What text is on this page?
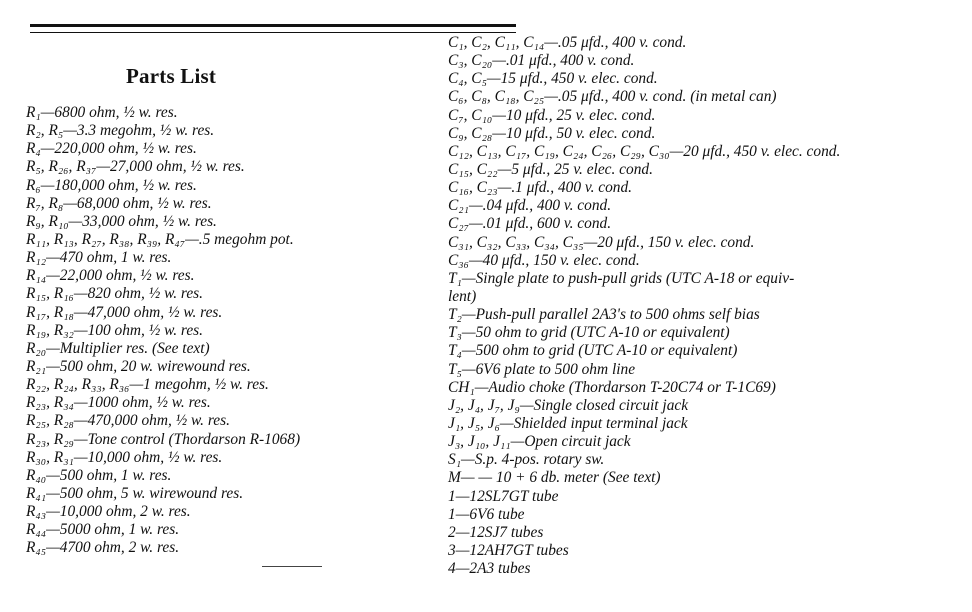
Parts List
R₁—6800 ohm, ½ w. res.
R₂, R₅—3.3 megohm, ½ w. res.
R₄—220,000 ohm, ½ w. res.
R₅, R₂₆, R₃₇—27,000 ohm, ½ w. res.
R₆—180,000 ohm, ½ w. res.
R₇, R₈—68,000 ohm, ½ w. res.
R₉, R₁₀—33,000 ohm, ½ w. res.
R₁₁, R₁₃, R₂₇, R₃₈, R₃₉, R₄₇—.5 megohm pot.
R₁₂—470 ohm, 1 w. res.
R₁₄—22,000 ohm, ½ w. res.
R₁₅, R₁₆—820 ohm, ½ w. res.
R₁₇, R₁₈—47,000 ohm, ½ w. res.
R₁₉, R₃₂—100 ohm, ½ w. res.
R₂₀—Multiplier res. (See text)
R₂₁—500 ohm, 20 w. wirewound res.
R₂₂, R₂₄, R₃₃, R₃₆—1 megohm, ½ w. res.
R₂₃, R₃₄—1000 ohm, ½ w. res.
R₂₅, R₂₈—470,000 ohm, ½ w. res.
R₂₃, R₂₉—Tone control (Thordarson R-1068)
R₃₀, R₃₁—10,000 ohm, ½ w. res.
R₄₀—500 ohm, 1 w. res.
R₄₁—500 ohm, 5 w. wirewound res.
R₄₃—10,000 ohm, 2 w. res.
R₄₄—5000 ohm, 1 w. res.
R₄₅—4700 ohm, 2 w. res.
C₁, C₂, C₁₁, C₁₄—.05 μfd., 400 v. cond.
C₃, C₂₀—.01 μfd., 400 v. cond.
C₄, C₅—15 μfd., 450 v. elec. cond.
C₆, C₈, C₁₈, C₂₅—.05 μfd., 400 v. cond. (in metal can)
C₇, C₁₀—10 μfd., 25 v. elec. cond.
C₉, C₂₈—10 μfd., 50 v. elec. cond.
C₁₂, C₁₃, C₁₇, C₁₉, C₂₄, C₂₆, C₂₉, C₃₀—20 μfd., 450 v. elec. cond.
C₁₅, C₂₂—5 μfd., 25 v. elec. cond.
C₁₆, C₂₃—.1 μfd., 400 v. cond.
C₂₁—.04 μfd., 400 v. cond.
C₂₇—.01 μfd., 600 v. cond.
C₃₁, C₃₂, C₃₃, C₃₄, C₃₅—20 μfd., 150 v. elec. cond.
C₃₆—40 μfd., 150 v. elec. cond.
T₁—Single plate to push-pull grids (UTC A-18 or equiv-
lent)
T₂—Push-pull parallel 2A3's to 500 ohms self bias
T₃—50 ohm to grid (UTC A-10 or equivalent)
T₄—500 ohm to grid (UTC A-10 or equivalent)
T₅—6V6 plate to 500 ohm line
CH₁—Audio choke (Thordarson T-20C74 or T-1C69)
J₂, J₄, J₇, J₉—Single closed circuit jack
J₁, J₅, J₆—Shielded input terminal jack
J₃, J₁₀, J₁₁—Open circuit jack
S₁—S.p. 4-pos. rotary sw.
M— — 10 + 6 db. meter (See text)
1—12SL7GT tube
1—6V6 tube
2—12SJ7 tubes
3—12AH7GT tubes
4—2A3 tubes
